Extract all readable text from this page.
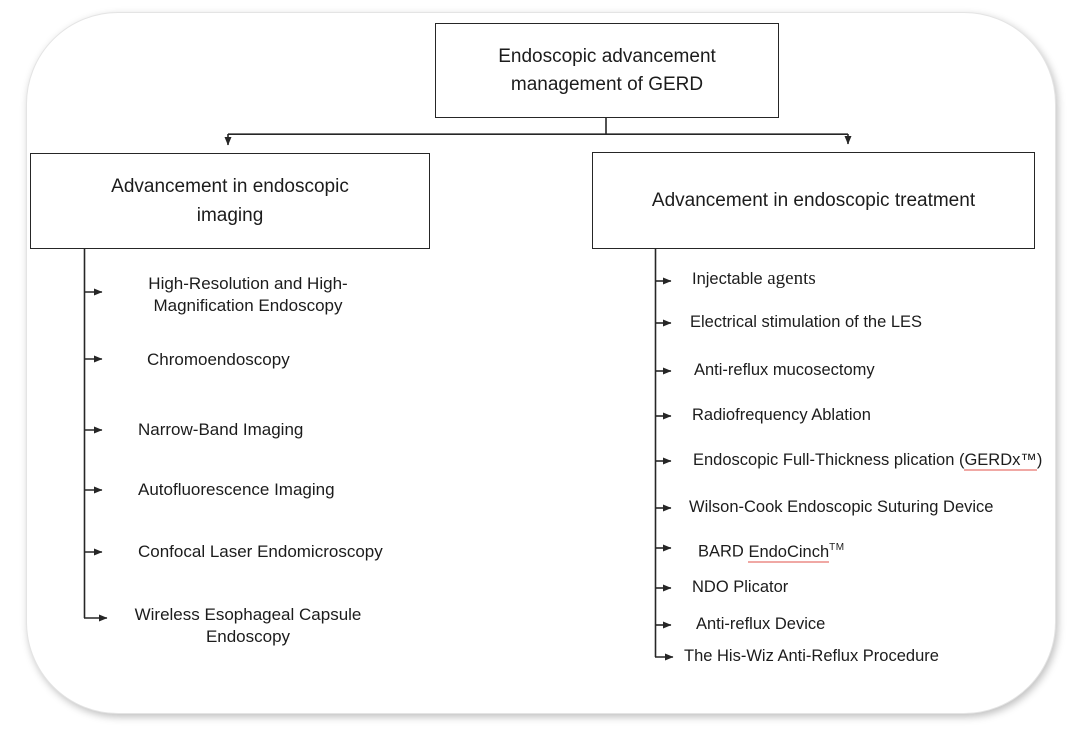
Endoscopic advancement management of GERD
Advancement in endoscopic imaging
Advancement in endoscopic treatment
High-Resolution and High-Magnification Endoscopy
Chromoendoscopy
Narrow-Band Imaging
Autofluorescence Imaging
Confocal Laser Endomicroscopy
Wireless Esophageal Capsule Endoscopy
Injectable agents
Electrical stimulation of the LES
Anti-reflux mucosectomy
Radiofrequency Ablation
Endoscopic Full-Thickness plication (GERDx™)
Wilson-Cook Endoscopic Suturing Device
BARD EndoCinch™
NDO Plicator
Anti-reflux Device
The His-Wiz Anti-Reflux Procedure
